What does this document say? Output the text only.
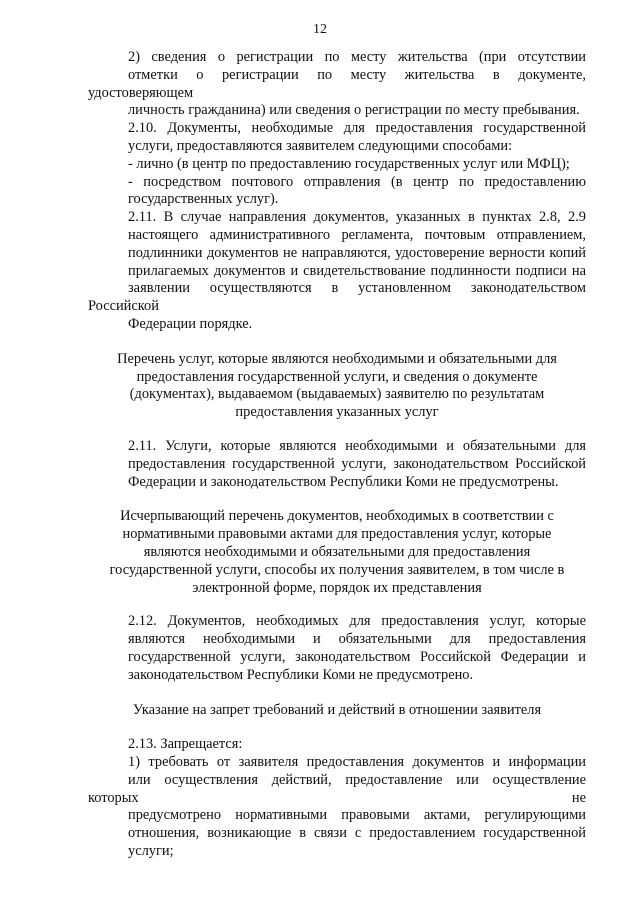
12

2) сведения о регистрации по месту жительства (при отсутствии
отметки о регистрации по месту жительства в документе, удостоверяющем
личность гражданина) или сведения о регистрации по месту пребывания.

2.10. Документы, необходимые для предоставления государственной
услуги, предоставляются заявителем следующими способами:

- лично (в центр по предоставлению государственных услуг или МФЦ);

- посредством почтового отправления (в центр по предоставлению
государственных услуг).

2.11. В случае направления документов, указанных в пунктах 2.8, 2.9
настоящего административного регламента, почтовым отправлением,
подлинники документов не направляются, удостоверение верности копий
прилагаемых документов и свидетельствование подлинности подписи на
заявлении осуществляются в установленном законодательством Российской
Федерации порядке.

Перечень услуг, которые являются необходимыми и обязательными для
предоставления государственной услуги, и сведения о документе
(документах), выдаваемом (выдаваемых) заявителю по результатам
предоставления указанных услуг

2.11. Услуги, которые являются необходимыми и обязательными для
предоставления государственной услуги, законодательством Российской
Федерации и законодательством Республики Коми не предусмотрены.

Исчерпывающий перечень документов, необходимых в соответствии с
нормативными правовыми актами для предоставления услуг, которые
являются необходимыми и обязательными для предоставления
государственной услуги, способы их получения заявителем, в том числе в
электронной форме, порядок их представления

2.12. Документов, необходимых для предоставления услуг, которые
являются необходимыми и обязательными для предоставления
государственной услуги, законодательством Российской Федерации и
законодательством Республики Коми не предусмотрено.

Указание на запрет требований и действий в отношении заявителя

2.13. Запрещается:

1) требовать от заявителя предоставления документов и информации
или осуществления действий, предоставление или осуществление которых не
предусмотрено нормативными правовыми актами, регулирующими
отношения, возникающие в связи с предоставлением государственной
услуги;
